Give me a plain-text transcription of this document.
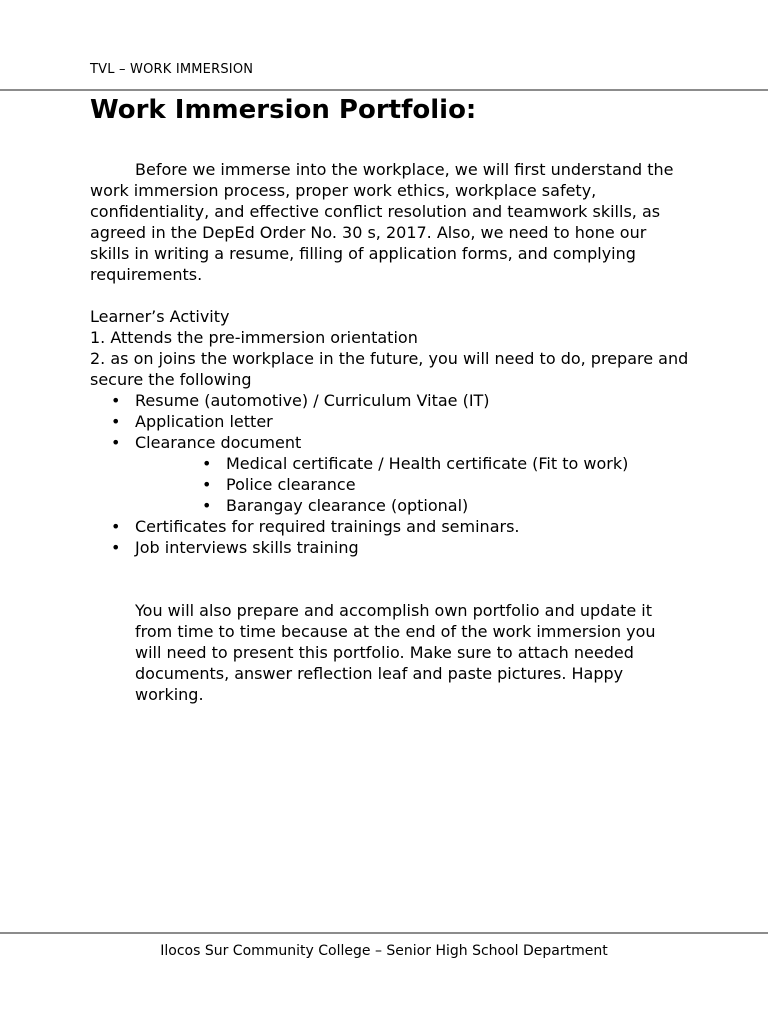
TVL – WORK IMMERSION
Work Immersion Portfolio:

Before we immerse into the workplace, we will first understand the work immersion process, proper work ethics, workplace safety, confidentiality, and effective conflict resolution and teamwork skills, as agreed in the DepEd Order No. 30 s, 2017. Also, we need to hone our skills in writing a resume, filling of application forms, and complying requirements.

Learner’s Activity

1. Attends the pre-immersion orientation

2. as on joins the workplace in the future, you will need to do, prepare and secure the following

• Resume (automotive) / Curriculum Vitae (IT)
• Application letter
• Clearance document
• Medical certificate / Health certificate (Fit to work)
• Police clearance
• Barangay clearance (optional)
• Certificates for required trainings and seminars.
• Job interviews skills training

You will also prepare and accomplish own portfolio and update it from time to time because at the end of the work immersion you will need to present this portfolio. Make sure to attach needed documents, answer reflection leaf and paste pictures. Happy working.

Ilocos Sur Community College – Senior High School Department
